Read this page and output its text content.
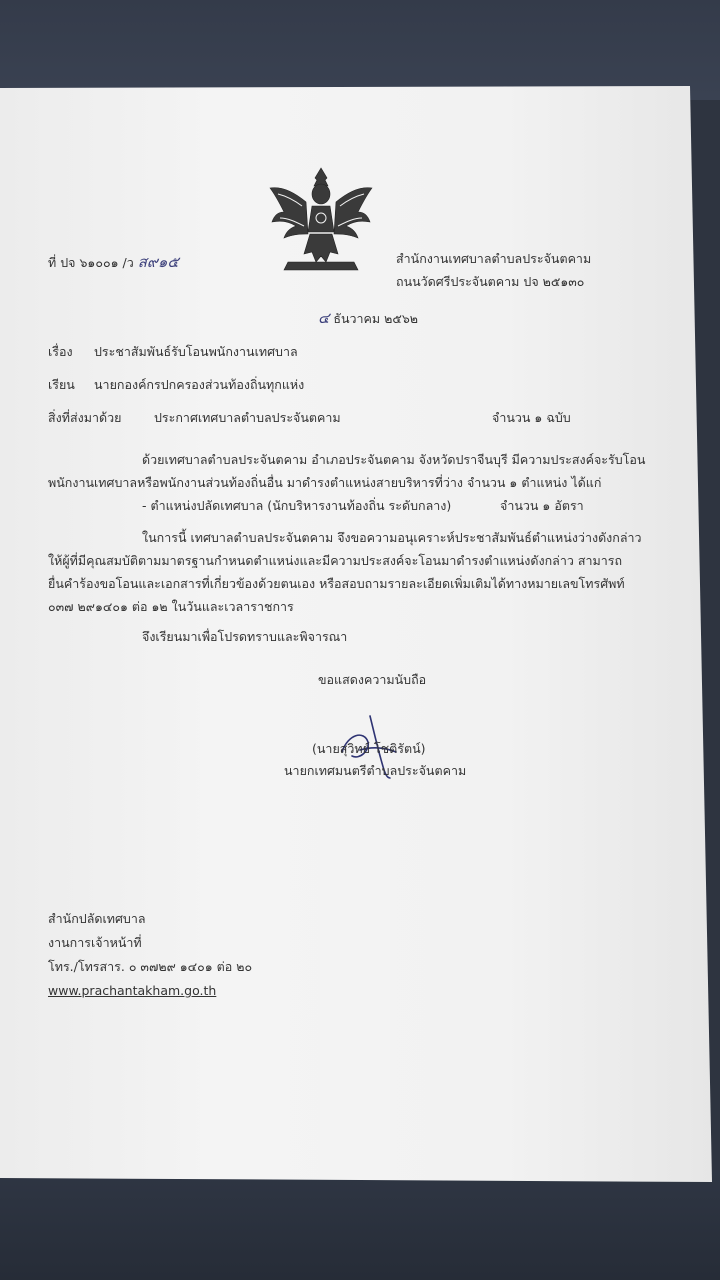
ที่ ปจ ๖๑๐๐๑ /ว ส๙๑๕	สำนักงานเทศบาลตำบลประจันตคาม
ถนนวัดศรีประจันตคาม ปจ ๒๕๑๓๐
๔ ธันวาคม ๒๕๖๒
เรื่อง ประชาสัมพันธ์รับโอนพนักงานเทศบาล
เรียน นายกองค์กรปกครองส่วนท้องถิ่นทุกแห่ง
สิ่งที่ส่งมาด้วย	ประกาศเทศบาลตำบลประจันตคาม	จำนวน ๑ ฉบับ
ด้วยเทศบาลตำบลประจันตคาม อำเภอประจันตคาม จังหวัดปราจีนบุรี มีความประสงค์จะรับโอน
พนักงานเทศบาลหรือพนักงานส่วนท้องถิ่นอื่น มาดำรงตำแหน่งสายบริหารที่ว่าง จำนวน ๑ ตำแหน่ง ได้แก่
- ตำแหน่งปลัดเทศบาล (นักบริหารงานท้องถิ่น ระดับกลาง)	จำนวน ๑ อัตรา
ในการนี้ เทศบาลตำบลประจันตคาม จึงขอความอนุเคราะห์ประชาสัมพันธ์ตำแหน่งว่างดังกล่าว
ให้ผู้ที่มีคุณสมบัติตามมาตรฐานกำหนดตำแหน่งและมีความประสงค์จะโอนมาดำรงตำแหน่งดังกล่าว สามารถ
ยื่นคำร้องขอโอนและเอกสารที่เกี่ยวข้องด้วยตนเอง หรือสอบถามรายละเอียดเพิ่มเติมได้ทางหมายเลขโทรศัพท์
๐๓๗ ๒๙๑๔๐๑ ต่อ ๑๒ ในวันและเวลาราชการ
จึงเรียนมาเพื่อโปรดทราบและพิจารณา
ขอแสดงความนับถือ
(นายสุวิทย์ โชติรัตน์)
นายกเทศมนตรีตำบลประจันตคาม
สำนักปลัดเทศบาล
งานการเจ้าหน้าที่
โทร./โทรสาร. ๐ ๓๗๒๙ ๑๔๐๑ ต่อ ๒๐
www.prachantakham.go.th
